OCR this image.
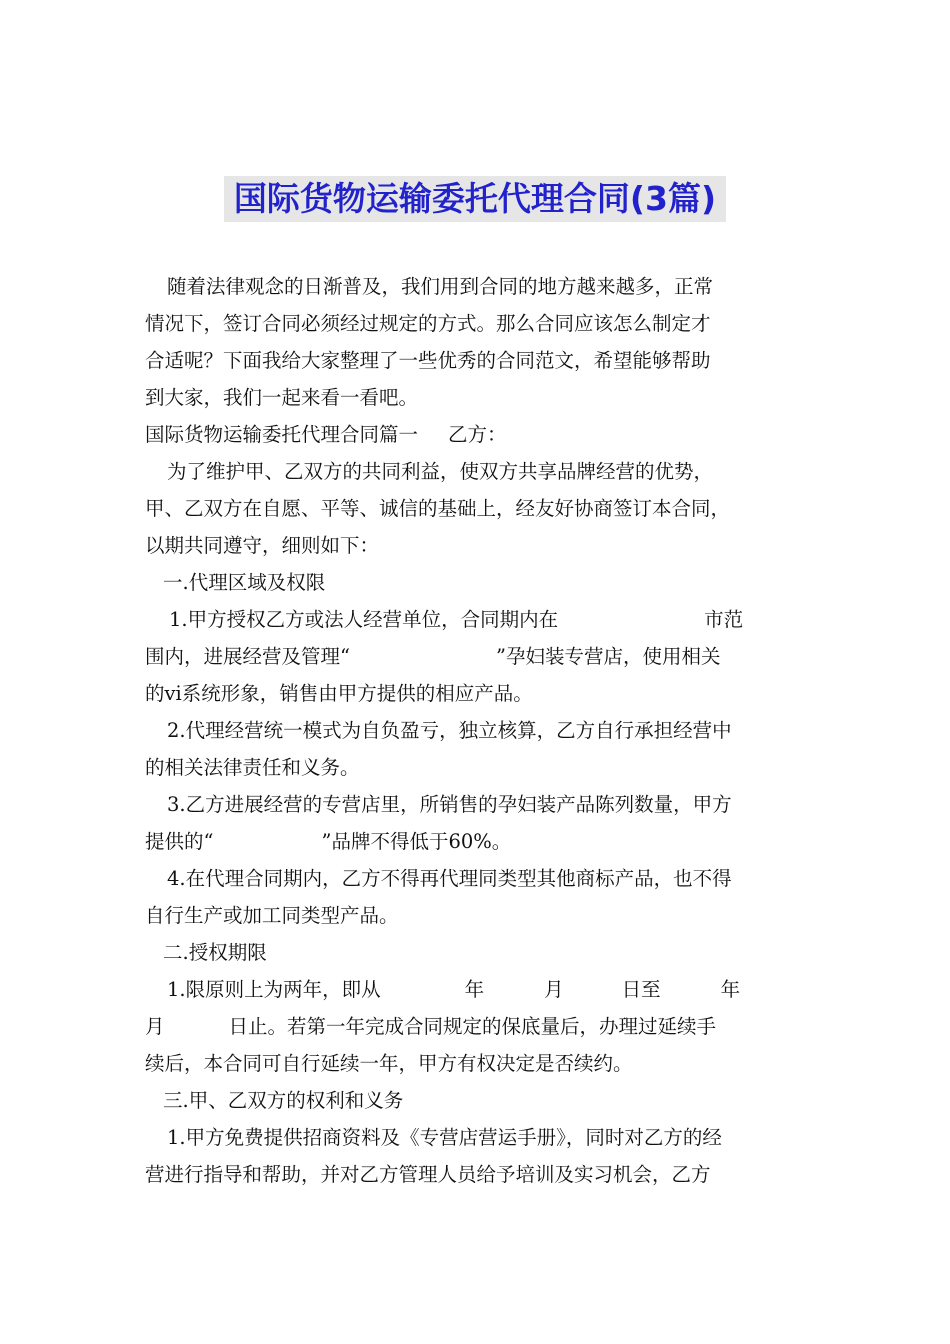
国际货物运输委托代理合同(3篇)
随着法律观念的日渐普及，我们用到合同的地方越来越多，正常
情况下，签订合同必须经过规定的方式。那么合同应该怎么制定才
合适呢？下面我给大家整理了一些优秀的合同范文，希望能够帮助
到大家，我们一起来看一看吧。
国际货物运输委托代理合同篇一 乙方：
为了维护甲、乙双方的共同利益，使双方共享品牌经营的优势，
甲、乙双方在自愿、平等、诚信的基础上，经友好协商签订本合同，
以期共同遵守，细则如下：
一.代理区域及权限
1.甲方授权乙方或法人经营单位，合同期内在	市范
围内，进展经营及管理“	”孕妇装专营店，使用相关
的vi系统形象，销售由甲方提供的相应产品。
2.代理经营统一模式为自负盈亏，独立核算，乙方自行承担经营中
的相关法律责任和义务。
3.乙方进展经营的专营店里，所销售的孕妇装产品陈列数量，甲方
提供的“	”品牌不得低于60%。
4.在代理合同期内，乙方不得再代理同类型其他商标产品，也不得
自行生产或加工同类型产品。
二.授权期限
1.限原则上为两年，即从	年	月	日至	年
月	日止。若第一年完成合同规定的保底量后，办理过延续手
续后，本合同可自行延续一年，甲方有权决定是否续约。
三.甲、乙双方的权利和义务
1.甲方免费提供招商资料及《专营店营运手册》，同时对乙方的经
营进行指导和帮助，并对乙方管理人员给予培训及实习机会，乙方
